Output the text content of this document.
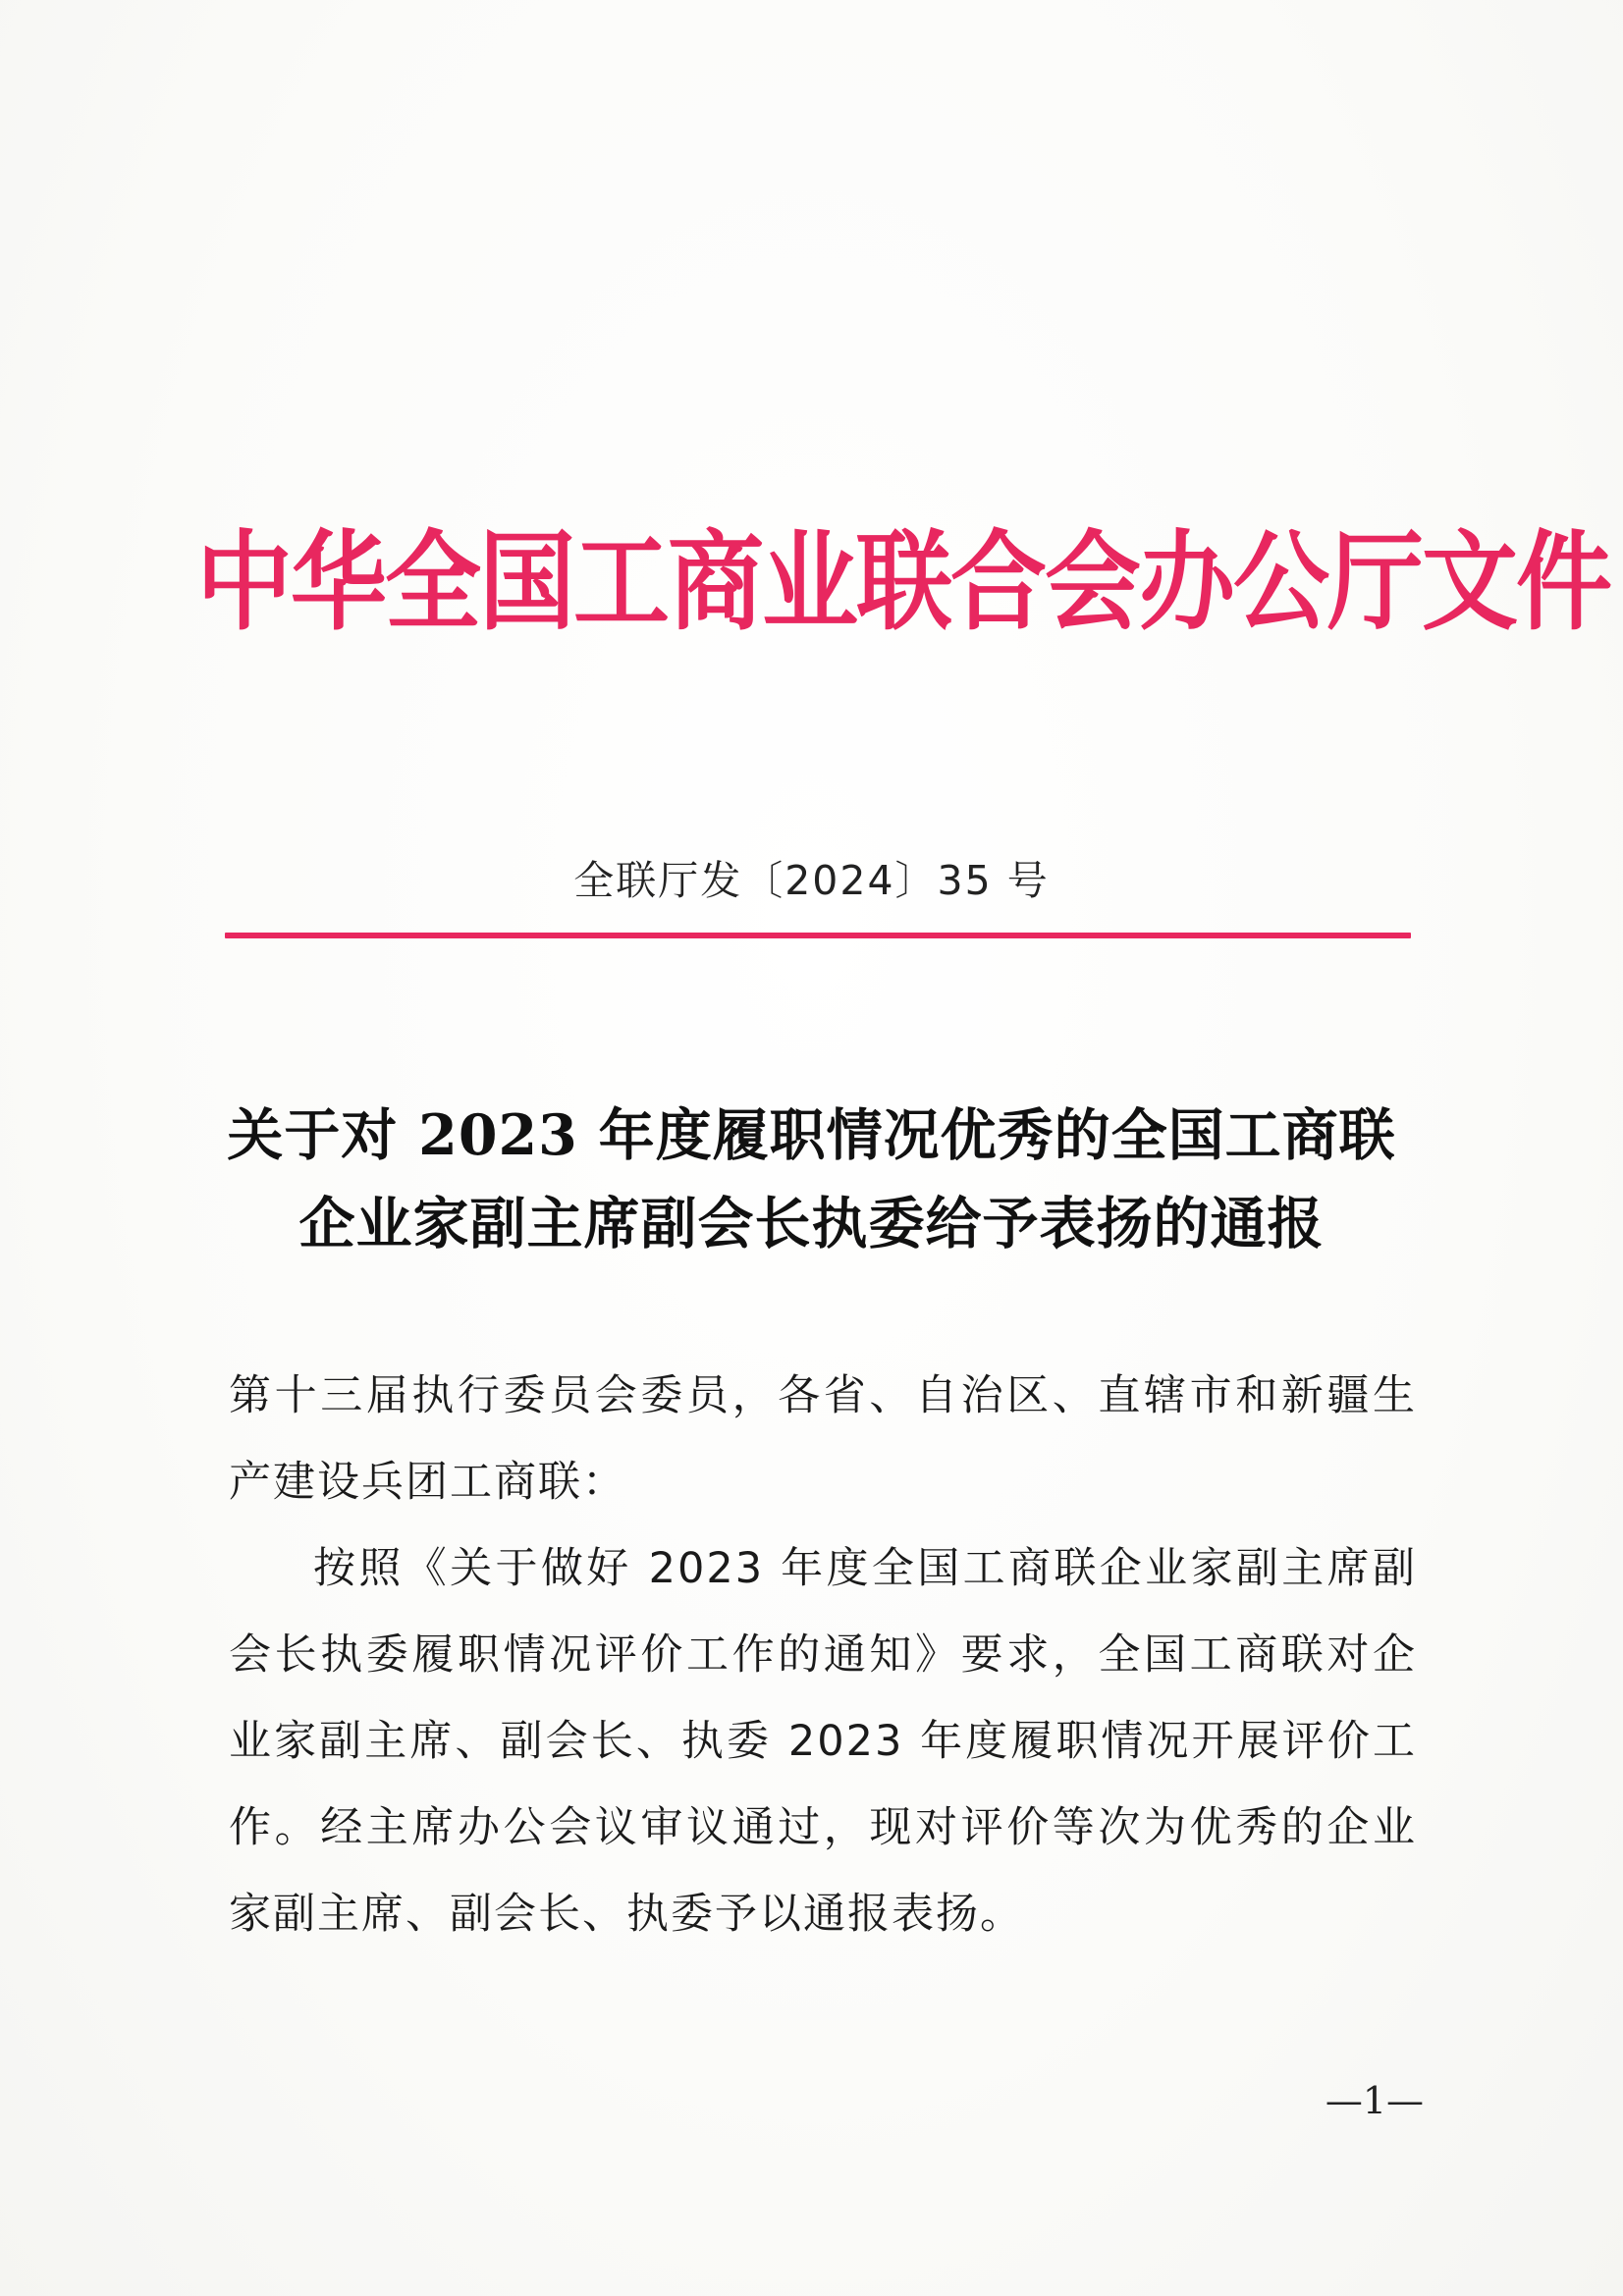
中华全国工商业联合会办公厅文件
全联厅发〔2024〕35 号
关于对 2023 年度履职情况优秀的全国工商联
企业家副主席副会长执委给予表扬的通报

第十三届执行委员会委员，各省、自治区、直辖市和新疆生产建设兵团工商联：

按照《关于做好 2023 年度全国工商联企业家副主席副会长执委履职情况评价工作的通知》要求，全国工商联对企业家副主席、副会长、执委 2023 年度履职情况开展评价工作。经主席办公会议审议通过，现对评价等次为优秀的企业家副主席、副会长、执委予以通报表扬。

—1—
